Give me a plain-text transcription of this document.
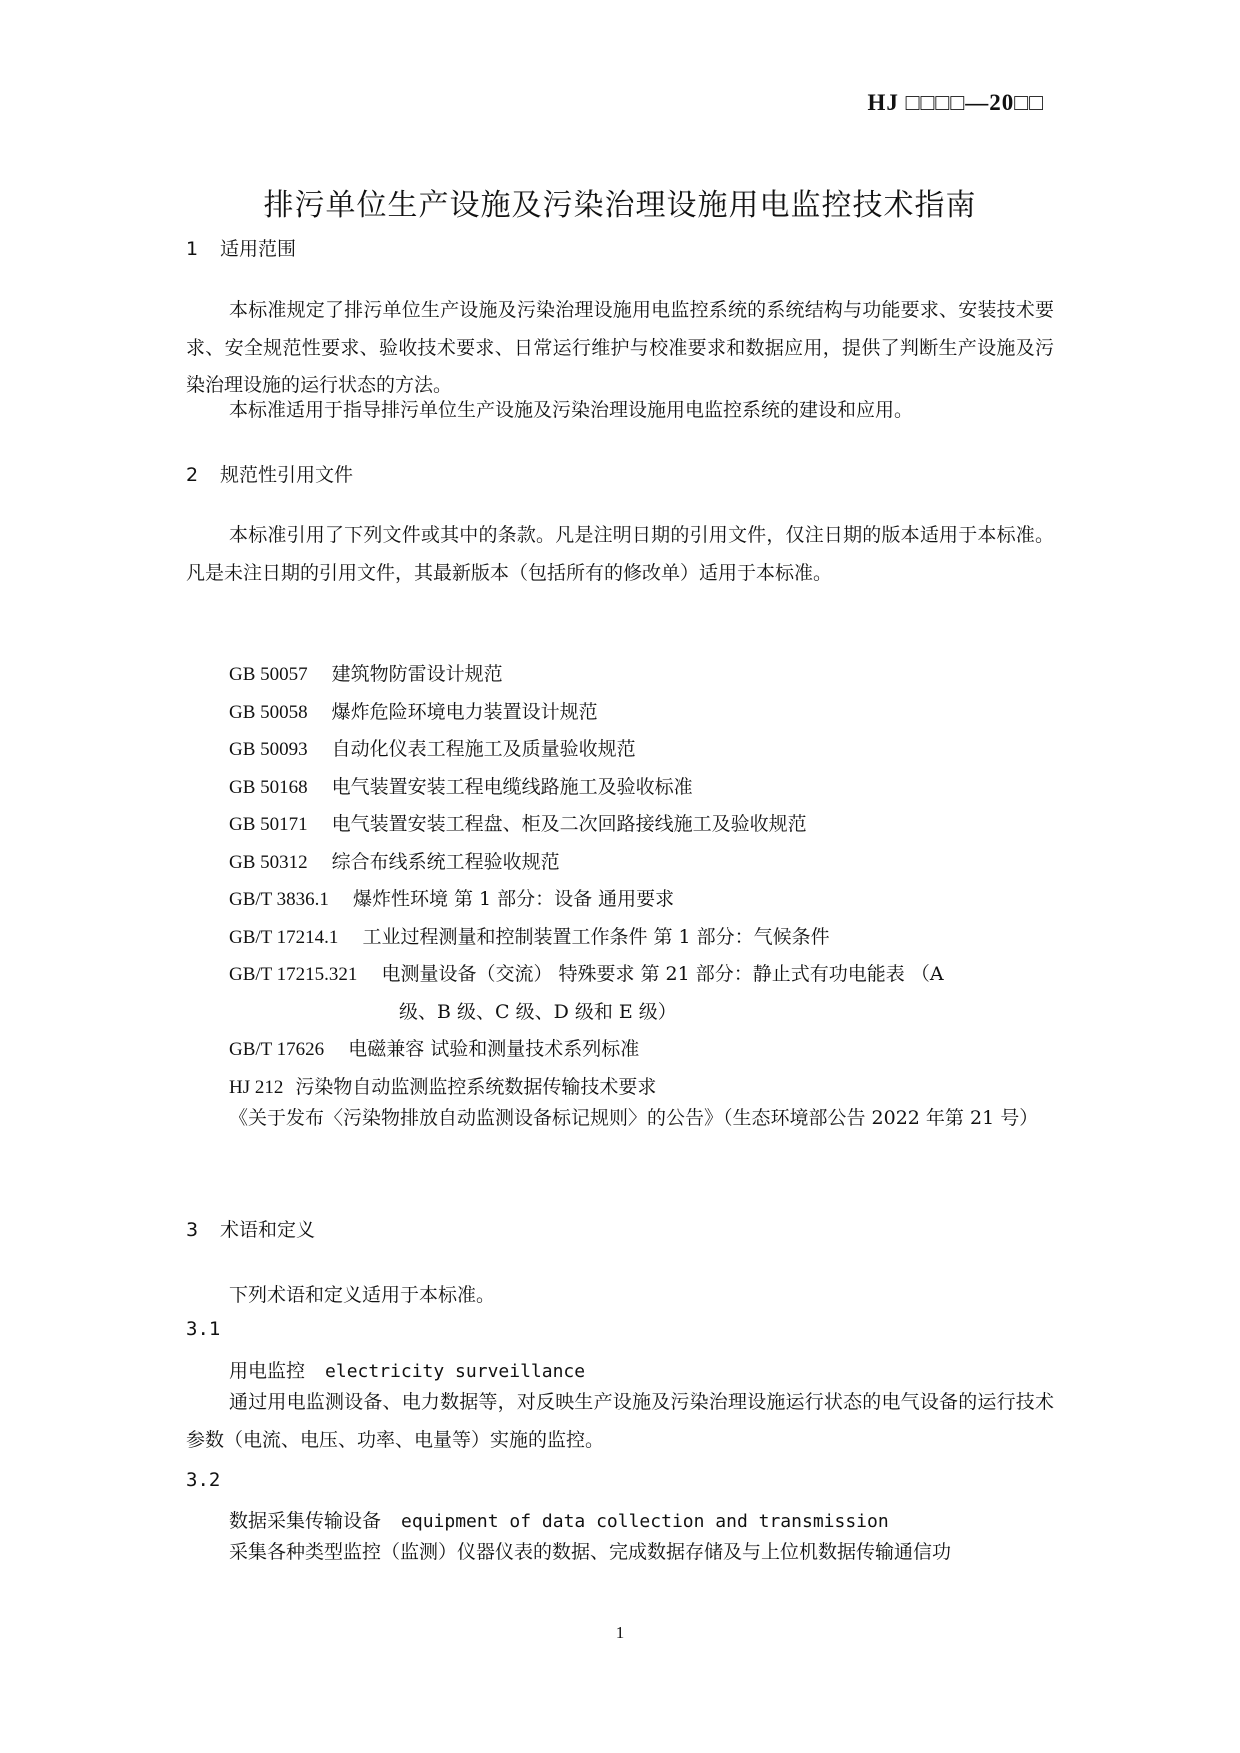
HJ □□□□—20□□
排污单位生产设施及污染治理设施用电监控技术指南
1 适用范围

本标准规定了排污单位生产设施及污染治理设施用电监控系统的系统结构与功能要求、安装技术要求、安全规范性要求、验收技术要求、日常运行维护与校准要求和数据应用，提供了判断生产设施及污染治理设施的运行状态的方法。

本标准适用于指导排污单位生产设施及污染治理设施用电监控系统的建设和应用。

2 规范性引用文件

本标准引用了下列文件或其中的条款。凡是注明日期的引用文件，仅注日期的版本适用于本标准。凡是未注日期的引用文件，其最新版本（包括所有的修改单）适用于本标准。

GB 50057 建筑物防雷设计规范
GB 50058 爆炸危险环境电力装置设计规范
GB 50093 自动化仪表工程施工及质量验收规范
GB 50168 电气装置安装工程电缆线路施工及验收标准
GB 50171 电气装置安装工程盘、柜及二次回路接线施工及验收规范
GB 50312 综合布线系统工程验收规范
GB/T 3836.1 爆炸性环境 第 1 部分：设备 通用要求
GB/T 17214.1 工业过程测量和控制装置工作条件 第 1 部分：气候条件
GB/T 17215.321 电测量设备（交流） 特殊要求 第 21 部分：静止式有功电能表 （A
级、B 级、C 级、D 级和 E 级）
GB/T 17626 电磁兼容 试验和测量技术系列标准
HJ 212 污染物自动监测监控系统数据传输技术要求

《关于发布〈污染物排放自动监测设备标记规则〉的公告》（生态环境部公告 2022 年第 21 号）

3 术语和定义
下列术语和定义适用于本标准。
3.1
用电监控 electricity surveillance

通过用电监测设备、电力数据等，对反映生产设施及污染治理设施运行状态的电气设备的运行技术参数（电流、电压、功率、电量等）实施的监控。

3.2
数据采集传输设备 equipment of data collection and transmission

采集各种类型监控（监测）仪器仪表的数据、完成数据存储及与上位机数据传输通信功

1
